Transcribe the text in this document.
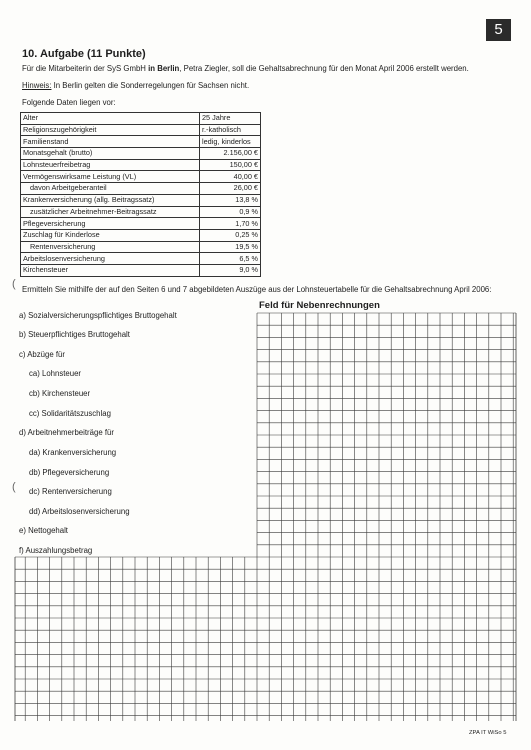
5
10. Aufgabe (11 Punkte)
Für die Mitarbeiterin der SyS GmbH in Berlin, Petra Ziegler, soll die Gehaltsabrechnung für den Monat April 2006 erstellt werden.
Hinweis: In Berlin gelten die Sonderregelungen für Sachsen nicht.
Folgende Daten liegen vor:
Alter	25 Jahre
Religionszugehörigkeit	r.-katholisch
Familienstand	ledig, kinderlos
Monatsgehalt (brutto)	2.156,00 €
Lohnsteuerfreibetrag	150,00 €
Vermögenswirksame Leistung (VL)	40,00 €
davon Arbeitgeberanteil	26,00 €
Krankenversicherung (allg. Beitragssatz)	13,8 %
zusätzlicher Arbeitnehmer-Beitragssatz	0,9 %
Pflegeversicherung	1,70 %
Zuschlag für Kinderlose	0,25 %
Rentenversicherung	19,5 %
Arbeitslosenversicherung	6,5 %
Kirchensteuer	9,0 %
( Ermitteln Sie mithilfe der auf den Seiten 6 und 7 abgebildeten Auszüge aus der Lohnsteuertabelle für die Gehaltsabrechnung April 2006:
Feld für Nebenrechnungen
a) Sozialversicherungspflichtiges Bruttogehalt
b) Steuerpflichtiges Bruttogehalt
c) Abzüge für
ca) Lohnsteuer
cb) Kirchensteuer
cc) Solidaritätszuschlag
d) Arbeitnehmerbeiträge für
da) Krankenversicherung
db) Pflegeversicherung
dc) Rentenversicherung
dd) Arbeitslosenversicherung
e) Nettogehalt
f) Auszahlungsbetrag
(
ZPA IT WiSo 5
